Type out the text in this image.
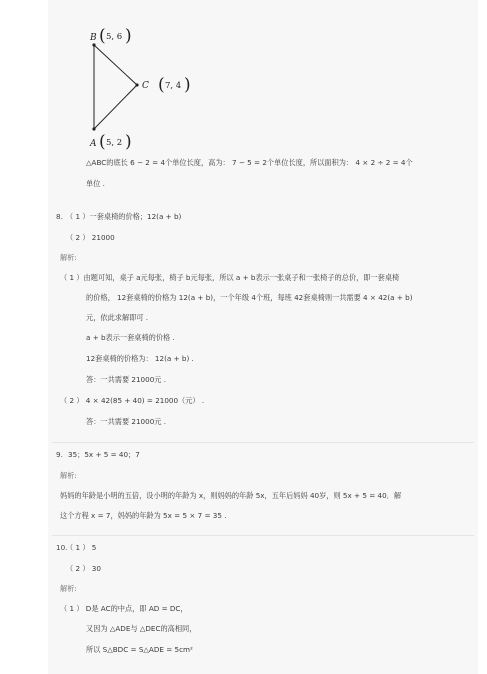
B ( 5, 6 )
C ( 7, 4 )
A ( 5, 2 )
△ABC的底长 6 − 2 = 4个单位长度，高为： 7 − 5 = 2个单位长度，所以面积为： 4 × 2 ÷ 2 = 4个
单位 .
8. （ 1 ）一套桌椅的价格；12(a + b)
（ 2 ） 21000
解析:
（ 1 ）由题可知，桌子 a元每张，椅子 b元每张，所以 a + b表示一张桌子和一张椅子的总价，即一套桌椅
的价格， 12套桌椅的价格为 12(a + b)，一个年级 4个班，每班 42套桌椅则一共需要 4 × 42(a + b)
元，依此求解即可 .
a + b表示一套桌椅的价格 .
12套桌椅的价格为： 12(a + b) .
答：一共需要 21000元 .
（ 2 ） 4 × 42(85 + 40) = 21000（元） .
答：一共需要 21000元 .
9. 35；5x + 5 = 40；7
解析:
妈妈的年龄是小明的五倍，设小明的年龄为 x，则妈妈的年龄 5x，五年后妈妈 40岁，则 5x + 5 = 40．解
这个方程 x = 7，妈妈的年龄为 5x = 5 × 7 = 35 .
10.
（ 1 ） 5
（ 2 ） 30
解析:
（ 1 ） D是 AC的中点，即 AD = DC，
又因为 △ADE与 △DEC的高相同，
所以 S△BDC = S△ADE = 5cm²
